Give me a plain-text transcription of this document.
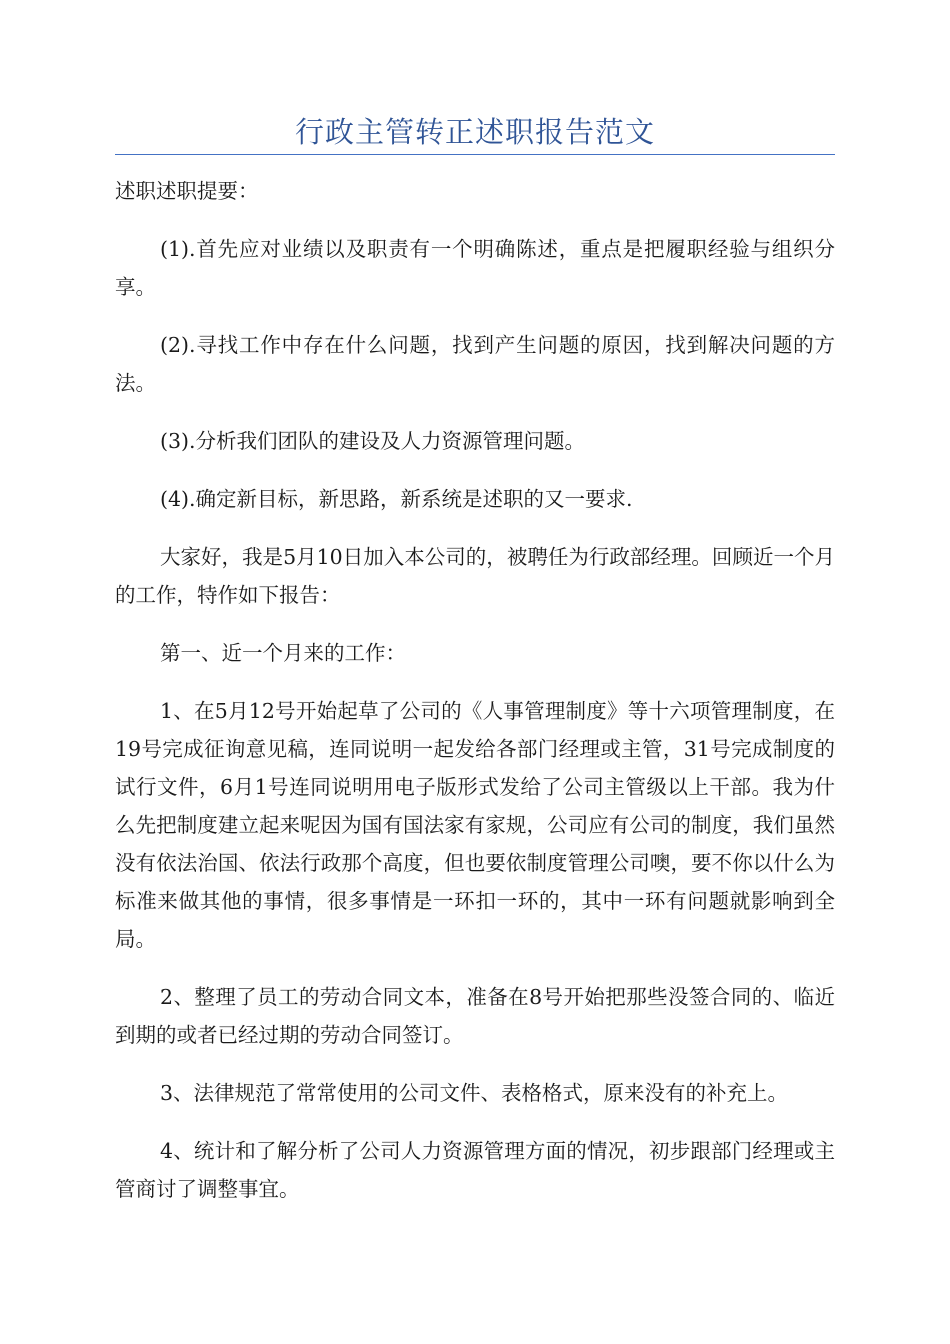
行政主管转正述职报告范文

述职述职提要：

(1).首先应对业绩以及职责有一个明确陈述，重点是把履职经验与组织分享。

(2).寻找工作中存在什么问题，找到产生问题的原因，找到解决问题的方法。

(3).分析我们团队的建设及人力资源管理问题。

(4).确定新目标，新思路，新系统是述职的又一要求.

大家好，我是5月10日加入本公司的，被聘任为行政部经理。回顾近一个月的工作，特作如下报告：

第一、近一个月来的工作：

1、在5月12号开始起草了公司的《人事管理制度》等十六项管理制度，在19号完成征询意见稿，连同说明一起发给各部门经理或主管，31号完成制度的试行文件，6月1号连同说明用电子版形式发给了公司主管级以上干部。我为什么先把制度建立起来呢因为国有国法家有家规，公司应有公司的制度，我们虽然没有依法治国、依法行政那个高度，但也要依制度管理公司噢，要不你以什么为标准来做其他的事情，很多事情是一环扣一环的，其中一环有问题就影响到全局。

2、整理了员工的劳动合同文本，准备在8号开始把那些没签合同的、临近到期的或者已经过期的劳动合同签订。

3、法律规范了常常使用的公司文件、表格格式，原来没有的补充上。

4、统计和了解分析了公司人力资源管理方面的情况，初步跟部门经理或主管商讨了调整事宜。
